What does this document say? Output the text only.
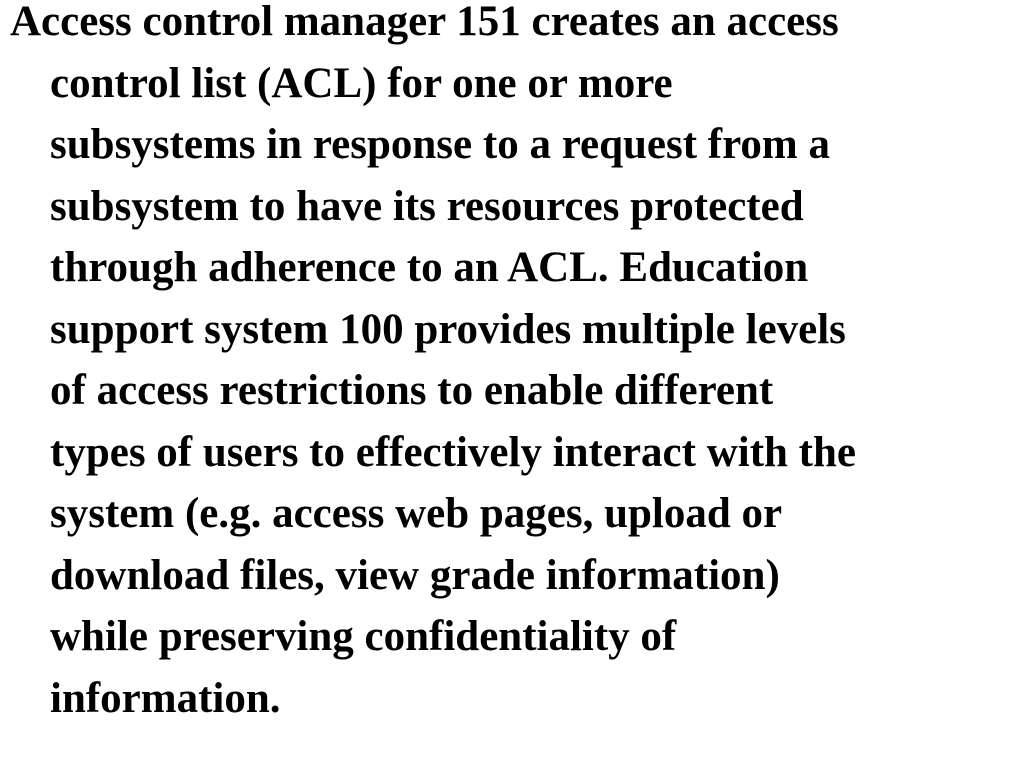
Access control manager 151 creates an access
control list (ACL) for one or more
subsystems in response to a request from a
subsystem to have its resources protected
through adherence to an ACL. Education
support system 100 provides multiple levels
of access restrictions to enable different
types of users to effectively interact with the
system (e.g. access web pages, upload or
download files, view grade information)
while preserving confidentiality of
information.
